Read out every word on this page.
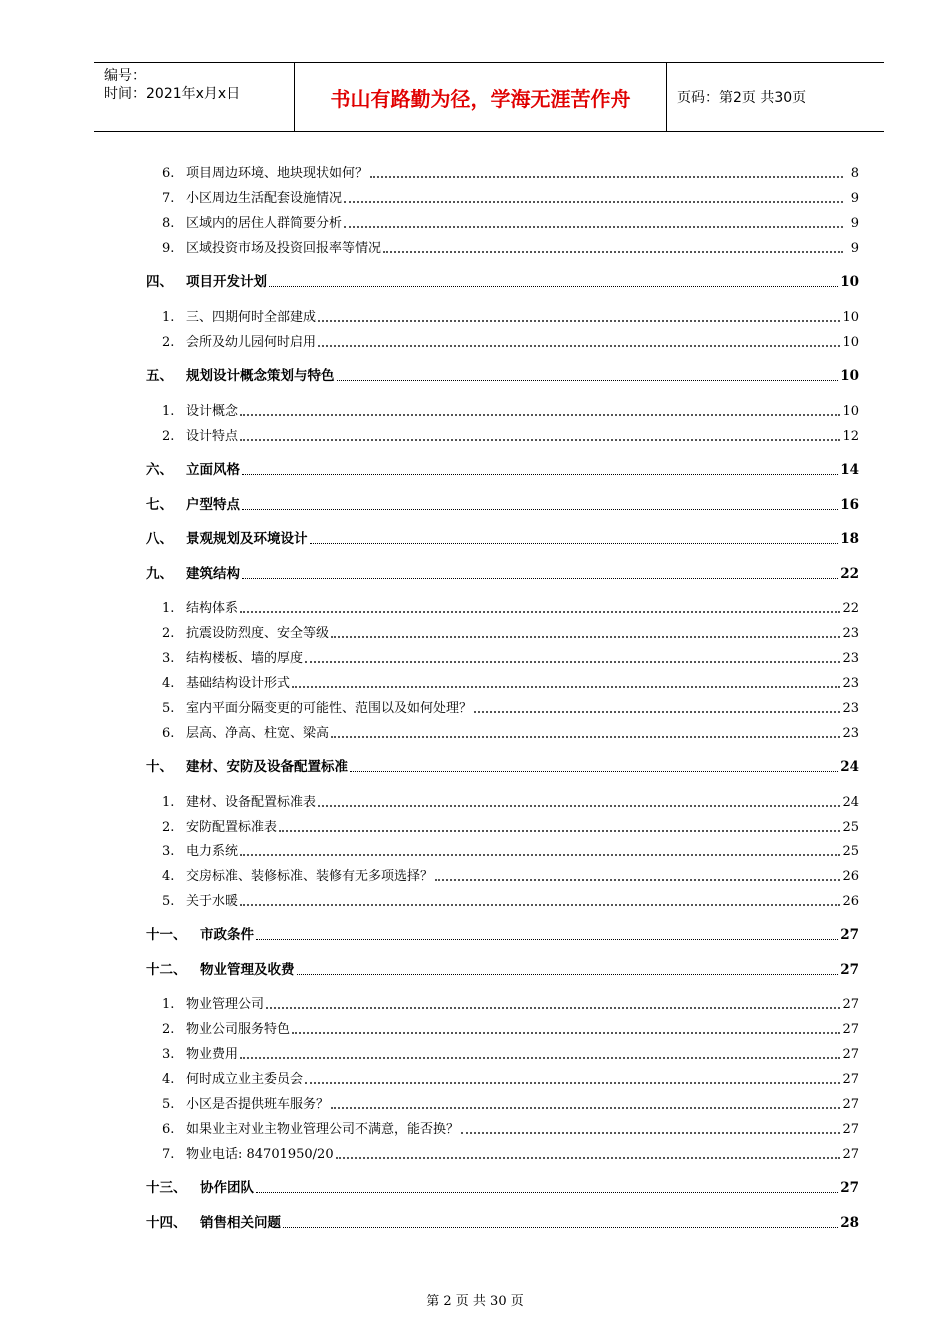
编号：
时间：2021年x月x日	书山有路勤为径，学海无涯苦作舟	页码：第2页 共30页
6. 项目周边环境、地块现状如何？	8
7. 小区周边生活配套设施情况	9
8. 区域内的居住人群简要分析	9
9. 区域投资市场及投资回报率等情况	9
四、 项目开发计划	10
1. 三、四期何时全部建成	10
2. 会所及幼儿园何时启用	10
五、 规划设计概念策划与特色	10
1. 设计概念	10
2. 设计特点	12
六、 立面风格	14
七、 户型特点	16
八、 景观规划及环境设计	18
九、 建筑结构	22
1. 结构体系	22
2. 抗震设防烈度、安全等级	23
3. 结构楼板、墙的厚度	23
4. 基础结构设计形式	23
5. 室内平面分隔变更的可能性、范围以及如何处理？	23
6. 层高、净高、柱宽、梁高	23
十、 建材、安防及设备配置标准	24
1. 建材、设备配置标准表	24
2. 安防配置标准表	25
3. 电力系统	25
4. 交房标准、装修标准、装修有无多项选择？	26
5. 关于水暖	26
十一、	市政条件	27
十二、	物业管理及收费	27
1. 物业管理公司	27
2. 物业公司服务特色	27
3. 物业费用	27
4. 何时成立业主委员会	27
5. 小区是否提供班车服务？	27
6. 如果业主对业主物业管理公司不满意，能否换？	27
7. 物业电话: 84701950/20	27
十三、	协作团队	27
十四、	销售相关问题	28
第 2 页 共 30 页
